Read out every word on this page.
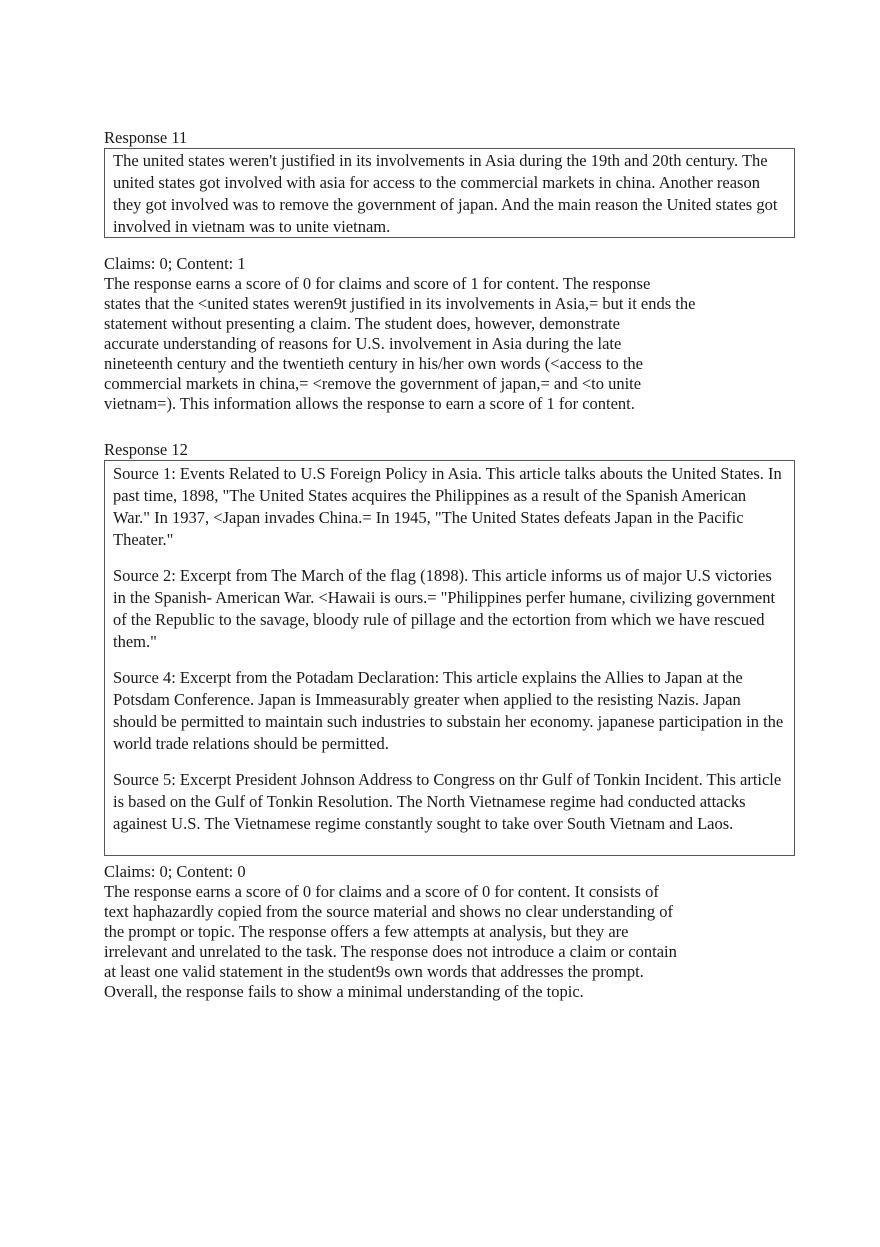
Response 11

The united states weren't justified in its involvements in Asia during the 19th and 20th century. The united states got involved with asia for access to the commercial markets in china. Another reason they got involved was to remove the government of japan. And the main reason the United states got involved in vietnam was to unite vietnam.

Claims: 0; Content: 1

The response earns a score of 0 for claims and score of 1 for content. The response
states that the <united states weren9t justified in its involvements in Asia,= but it ends the
statement without presenting a claim. The student does, however, demonstrate
accurate understanding of reasons for U.S. involvement in Asia during the late
nineteenth century and the twentieth century in his/her own words (<access to the
commercial markets in china,= <remove the government of japan,= and <to unite
vietnam=). This information allows the response to earn a score of 1 for content.

Response 12

Source 1: Events Related to U.S Foreign Policy in Asia. This article talks abouts the United States. In past time, 1898, "The United States acquires the Philippines as a result of the Spanish American War." In 1937, <Japan invades China.= In 1945, "The United States defeats Japan in the Pacific Theater."

Source 2: Excerpt from The March of the flag (1898). This article informs us of major U.S victories in the Spanish- American War. <Hawaii is ours.= "Philippines perfer humane, civilizing government of the Republic to the savage, bloody rule of pillage and the ectortion from which we have rescued them."

Source 4: Excerpt from the Potadam Declaration: This article explains the Allies to Japan at the Potsdam Conference. Japan is Immeasurably greater when applied to the resisting Nazis. Japan should be permitted to maintain such industries to substain her economy. japanese participation in the world trade relations should be permitted.

Source 5: Excerpt President Johnson Address to Congress on thr Gulf of Tonkin Incident. This article is based on the Gulf of Tonkin Resolution. The North Vietnamese regime had conducted attacks againest U.S. The Vietnamese regime constantly sought to take over South Vietnam and Laos.

Claims: 0; Content: 0

The response earns a score of 0 for claims and a score of 0 for content. It consists of
text haphazardly copied from the source material and shows no clear understanding of
the prompt or topic. The response offers a few attempts at analysis, but they are
irrelevant and unrelated to the task. The response does not introduce a claim or contain
at least one valid statement in the student9s own words that addresses the prompt.
Overall, the response fails to show a minimal understanding of the topic.
